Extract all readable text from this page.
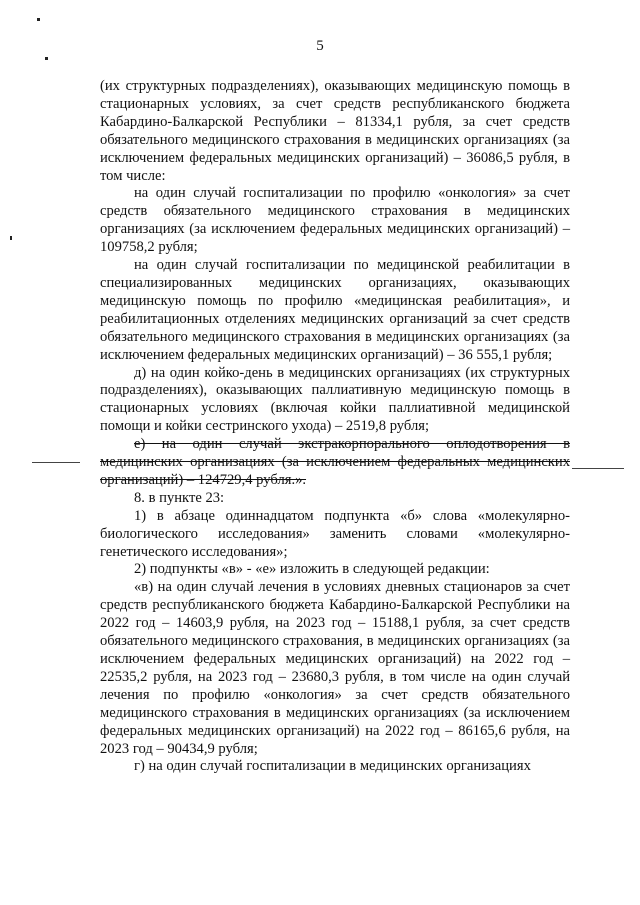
5

(их структурных подразделениях), оказывающих медицинскую помощь в стационарных условиях, за счет средств республиканского бюджета Кабардино-Балкарской Республики – 81334,1 рубля, за счет средств обязательного медицинского страхования в медицинских организациях (за исключением федеральных медицинских организаций) – 36086,5 рубля, в том числе:

на один случай госпитализации по профилю «онкология» за счет средств обязательного медицинского страхования в медицинских организациях (за исключением федеральных медицинских организаций) – 109758,2 рубля;

на один случай госпитализации по медицинской реабилитации в специализированных медицинских организациях, оказывающих медицинскую помощь по профилю «медицинская реабилитация», и реабилитационных отделениях медицинских организаций за счет средств обязательного медицинского страхования в медицинских организациях (за исключением федеральных медицинских организаций) – 36 555,1 рубля;

д) на один койко-день в медицинских организациях (их структурных подразделениях), оказывающих паллиативную медицинскую помощь в стационарных условиях (включая койки паллиативной медицинской помощи и койки сестринского ухода) – 2519,8 рубля;

е) на один случай экстракорпорального оплодотворения в медицинских организациях (за исключением федеральных медицинских организаций) – 124729,4 рубля.».

8. в пункте 23:

1) в абзаце одиннадцатом подпункта «б» слова «молекулярно-биологического исследования» заменить словами «молекулярно-генетического исследования»;

2) подпункты «в» - «е» изложить в следующей редакции:

«в) на один случай лечения в условиях дневных стационаров за счет средств республиканского бюджета Кабардино-Балкарской Республики на 2022 год – 14603,9 рубля, на 2023 год – 15188,1 рубля, за счет средств обязательного медицинского страхования, в медицинских организациях (за исключением федеральных медицинских организаций) на 2022 год – 22535,2 рубля, на 2023 год – 23680,3 рубля, в том числе на один случай лечения по профилю «онкология» за счет средств обязательного медицинского страхования в медицинских организациях (за исключением федеральных медицинских организаций) на 2022 год – 86165,6 рубля, на 2023 год – 90434,9 рубля;

г) на один случай госпитализации в медицинских организациях
